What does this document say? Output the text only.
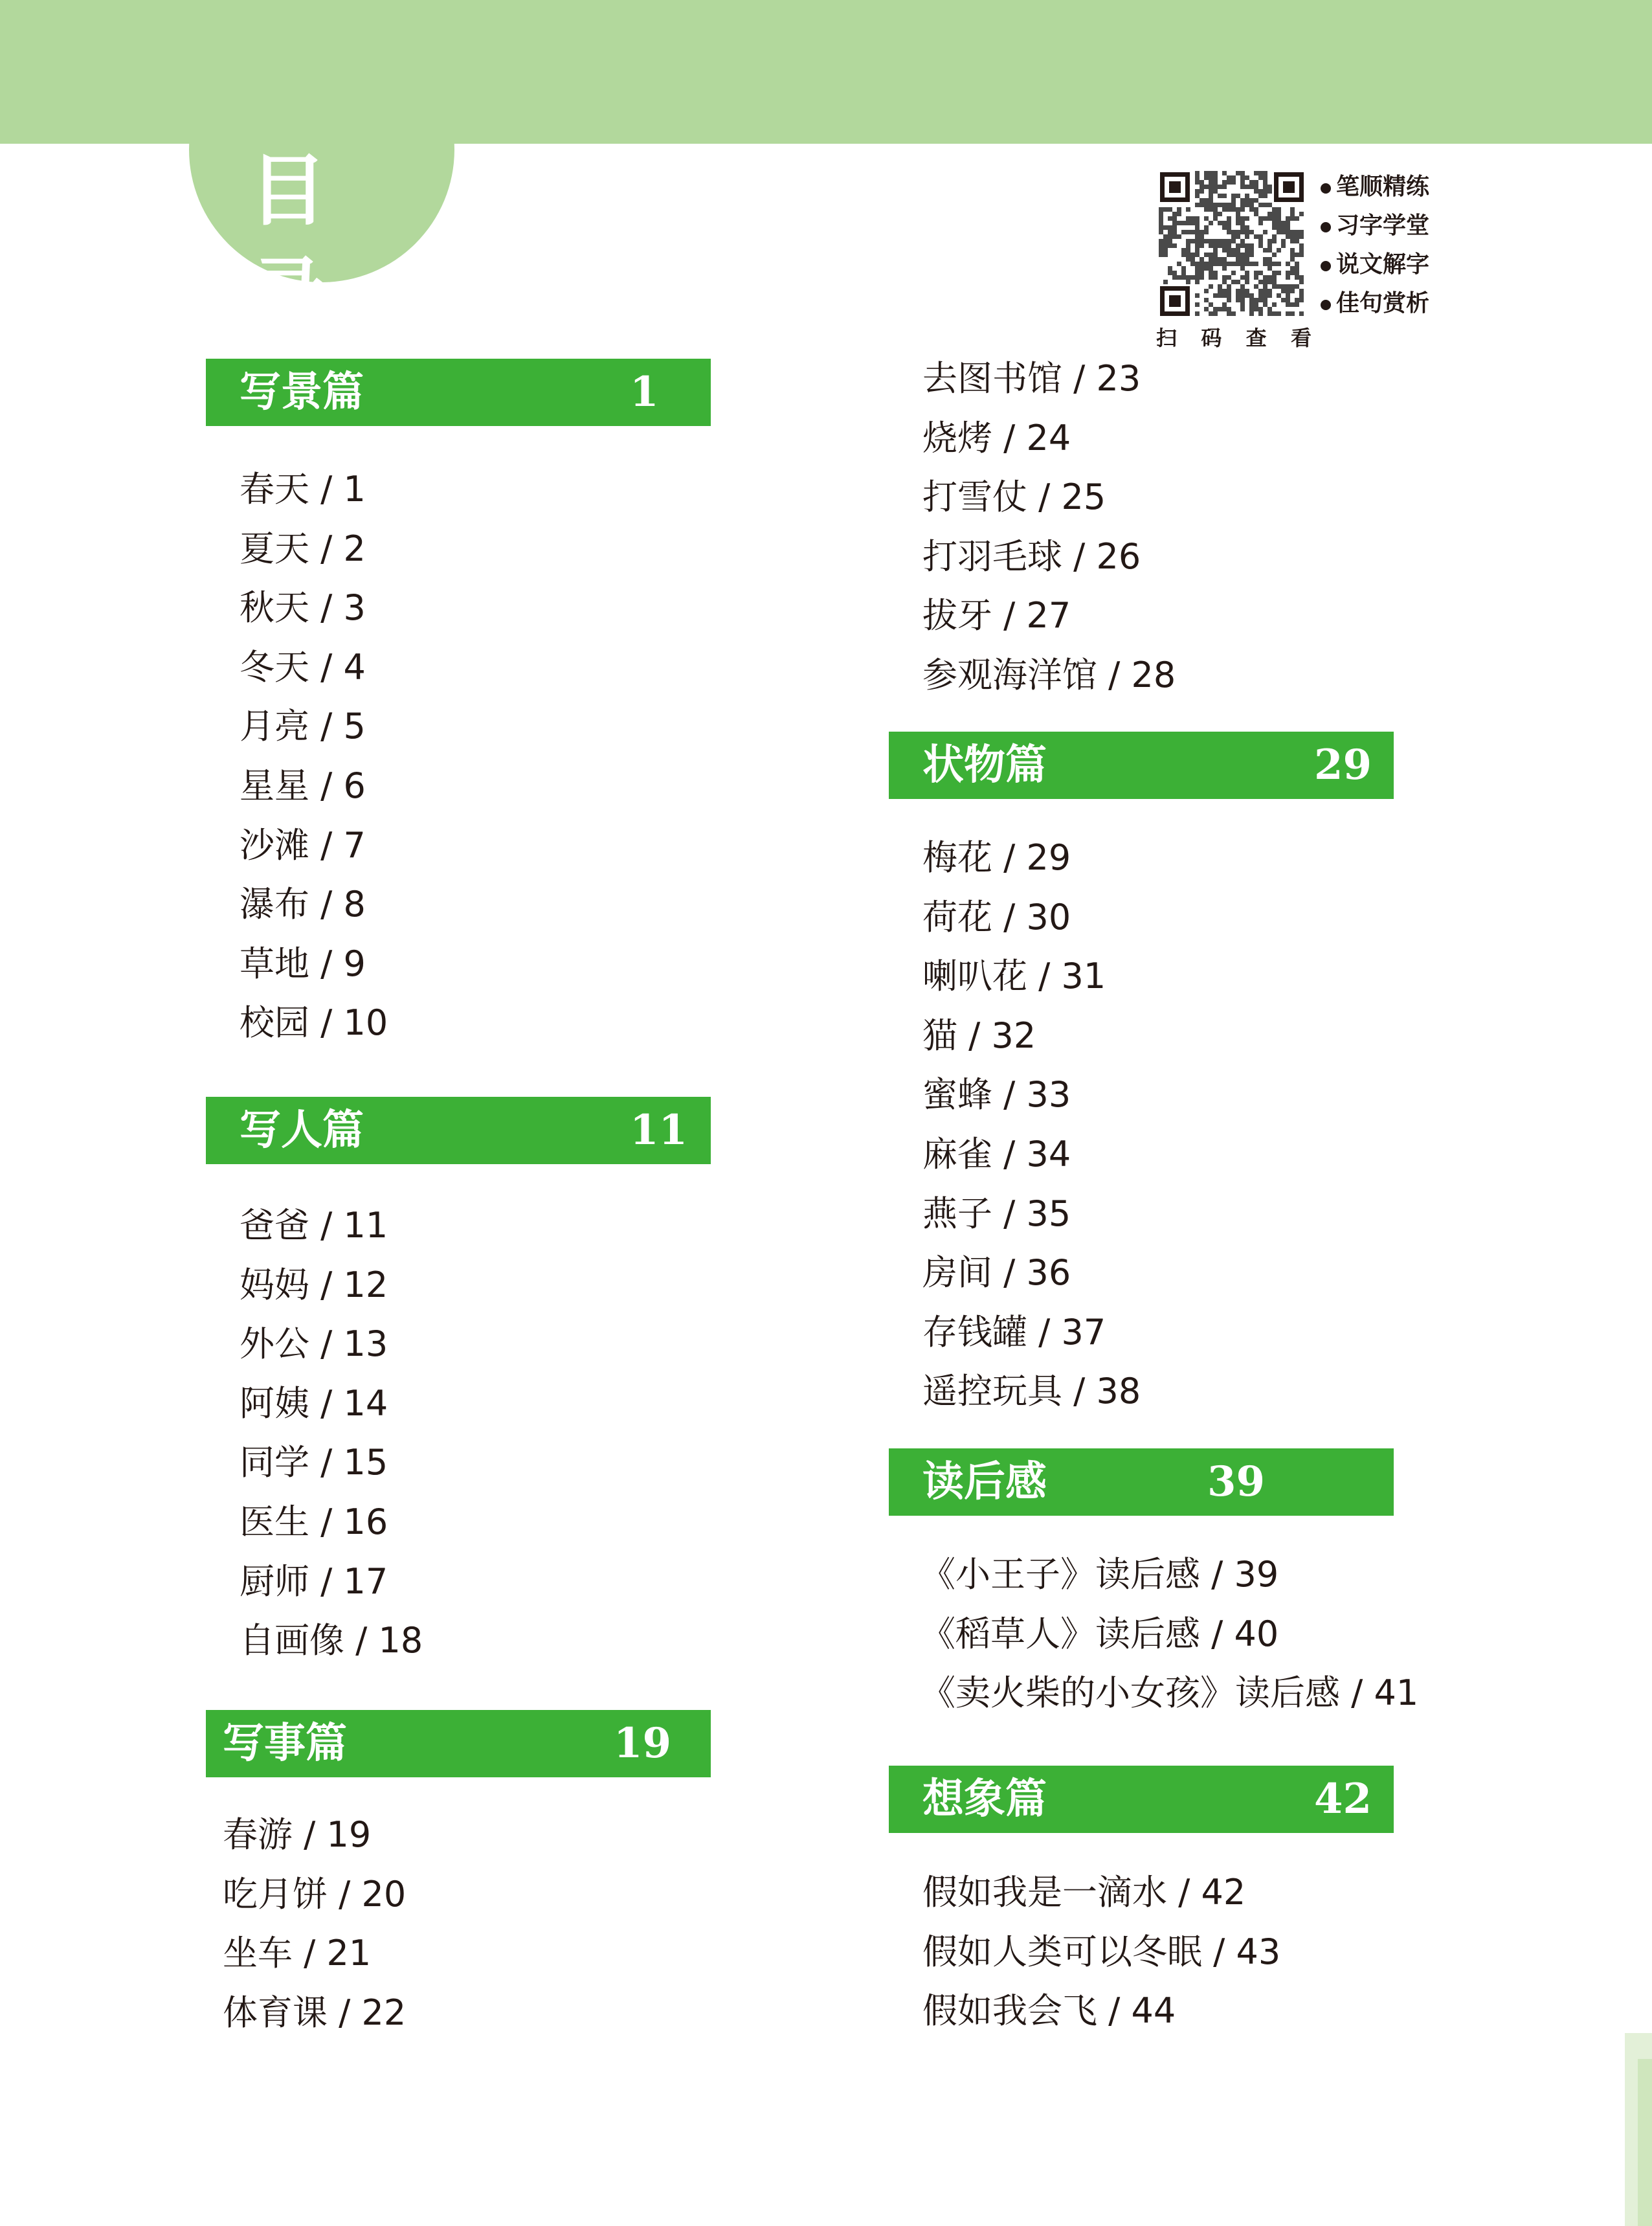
目录	扫 码 查 看
笔顺精练
习字学堂
说文解字
佳句赏析
写景篇	1
春天 / 1
夏天 / 2
秋天 / 3
冬天 / 4
月亮 / 5
星星 / 6
沙滩 / 7
瀑布 / 8
草地 / 9
校园 / 10
写人篇	11
爸爸 / 11
妈妈 / 12
外公 / 13
阿姨 / 14
同学 / 15
医生 / 16
厨师 / 17
自画像 / 18
写事篇	19
春游 / 19
吃月饼 / 20
坐车 / 21
体育课 / 22
去图书馆 / 23
烧烤 / 24
打雪仗 / 25
打羽毛球 / 26
拔牙 / 27
参观海洋馆 / 28
状物篇	29
梅花 / 29
荷花 / 30
喇叭花 / 31
猫 / 32
蜜蜂 / 33
麻雀 / 34
燕子 / 35
房间 / 36
存钱罐 / 37
遥控玩具 / 38
读后感	39
《小王子》读后感 / 39
《稻草人》读后感 / 40
《卖火柴的小女孩》读后感 / 41
想象篇	42
假如我是一滴水 / 42
假如人类可以冬眠 / 43
假如我会飞 / 44
